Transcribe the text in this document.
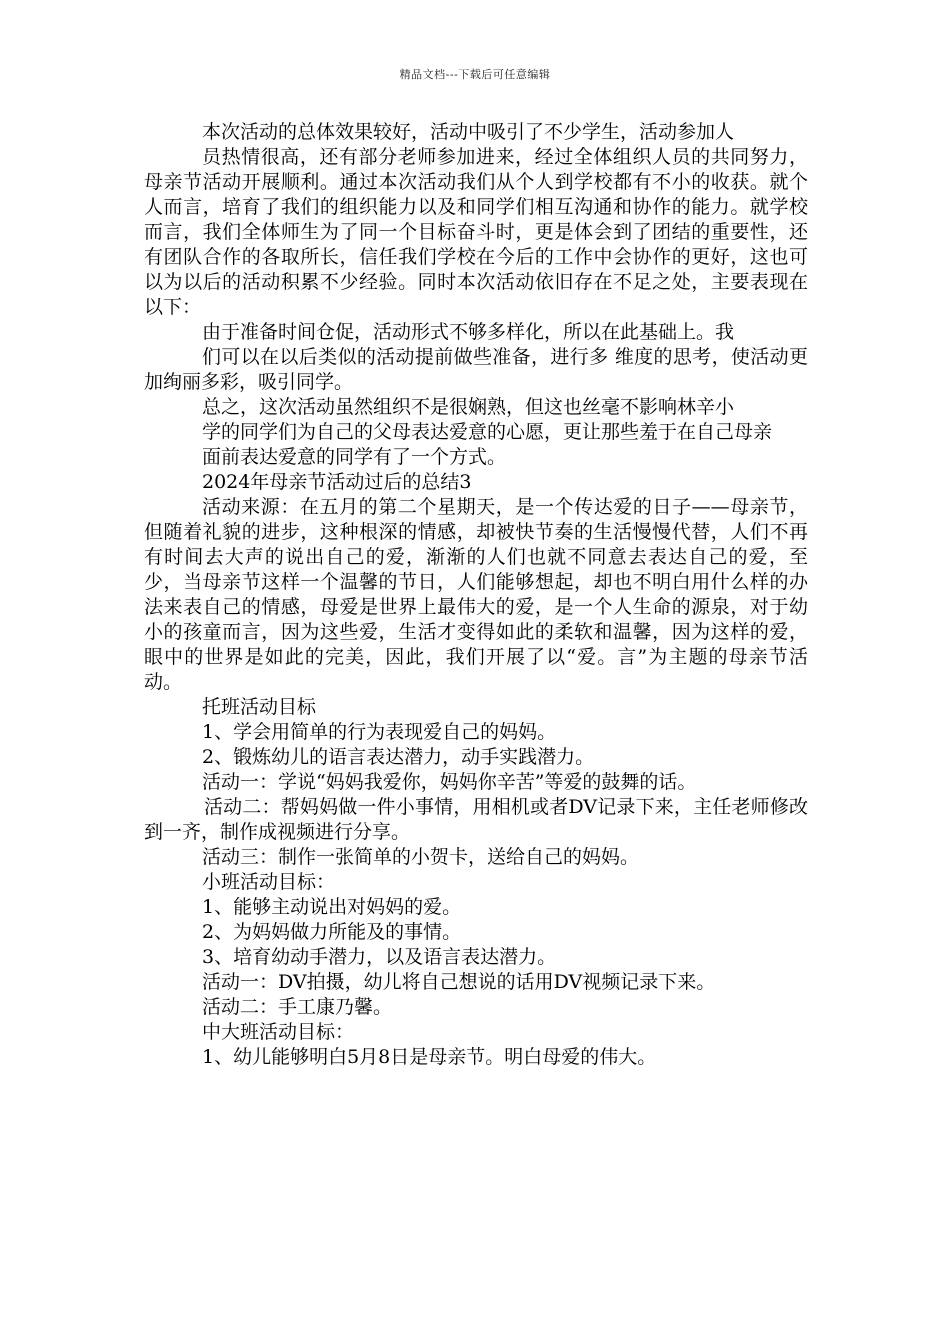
精品文档---下载后可任意编辑

本次活动的总体效果较好，活动中吸引了不少学生，活动参加人

员热情很高，还有部分老师参加进来，经过全体组织人员的共同努力，母亲节活动开展顺利。通过本次活动我们从个人到学校都有不小的收获。就个人而言，培育了我们的组织能力以及和同学们相互沟通和协作的能力。就学校而言，我们全体师生为了同一个目标奋斗时，更是体会到了团结的重要性，还有团队合作的各取所长，信任我们学校在今后的工作中会协作的更好，这也可以为以后的活动积累不少经验。同时本次活动依旧存在不足之处，主要表现在以下：

由于准备时间仓促，活动形式不够多样化，所以在此基础上。我

们可以在以后类似的活动提前做些准备，进行多 维度的思考，使活动更加绚丽多彩，吸引同学。

总之，这次活动虽然组织不是很娴熟，但这也丝毫不影响林辛小

学的同学们为自己的父母表达爱意的心愿，更让那些羞于在自己母亲

面前表达爱意的同学有了一个方式。

2024年母亲节活动过后的总结3

活动来源：在五月的第二个星期天，是一个传达爱的日子——母亲节，但随着礼貌的进步，这种根深的情感，却被快节奏的生活慢慢代替，人们不再有时间去大声的说出自己的爱，渐渐的人们也就不同意去表达自己的爱，至少，当母亲节这样一个温馨的节日，人们能够想起，却也不明白用什么样的办法来表自己的情感，母爱是世界上最伟大的爱，是一个人生命的源泉，对于幼小的孩童而言，因为这些爱，生活才变得如此的柔软和温馨，因为这样的爱，眼中的世界是如此的完美，因此，我们开展了以“爱。言”为主题的母亲节活动。

托班活动目标

1、学会用简单的行为表现爱自己的妈妈。

2、锻炼幼儿的语言表达潜力，动手实践潜力。

活动一：学说“妈妈我爱你，妈妈你辛苦”等爱的鼓舞的话。

活动二：帮妈妈做一件小事情，用相机或者DV记录下来，主任老师修改到一齐，制作成视频进行分享。

活动三：制作一张简单的小贺卡，送给自己的妈妈。

小班活动目标：

1、能够主动说出对妈妈的爱。

2、为妈妈做力所能及的事情。

3、培育幼动手潜力，以及语言表达潜力。

活动一：DV拍摄，幼儿将自己想说的话用DV视频记录下来。

活动二：手工康乃馨。

中大班活动目标：

1、幼儿能够明白5月8日是母亲节。明白母爱的伟大。
